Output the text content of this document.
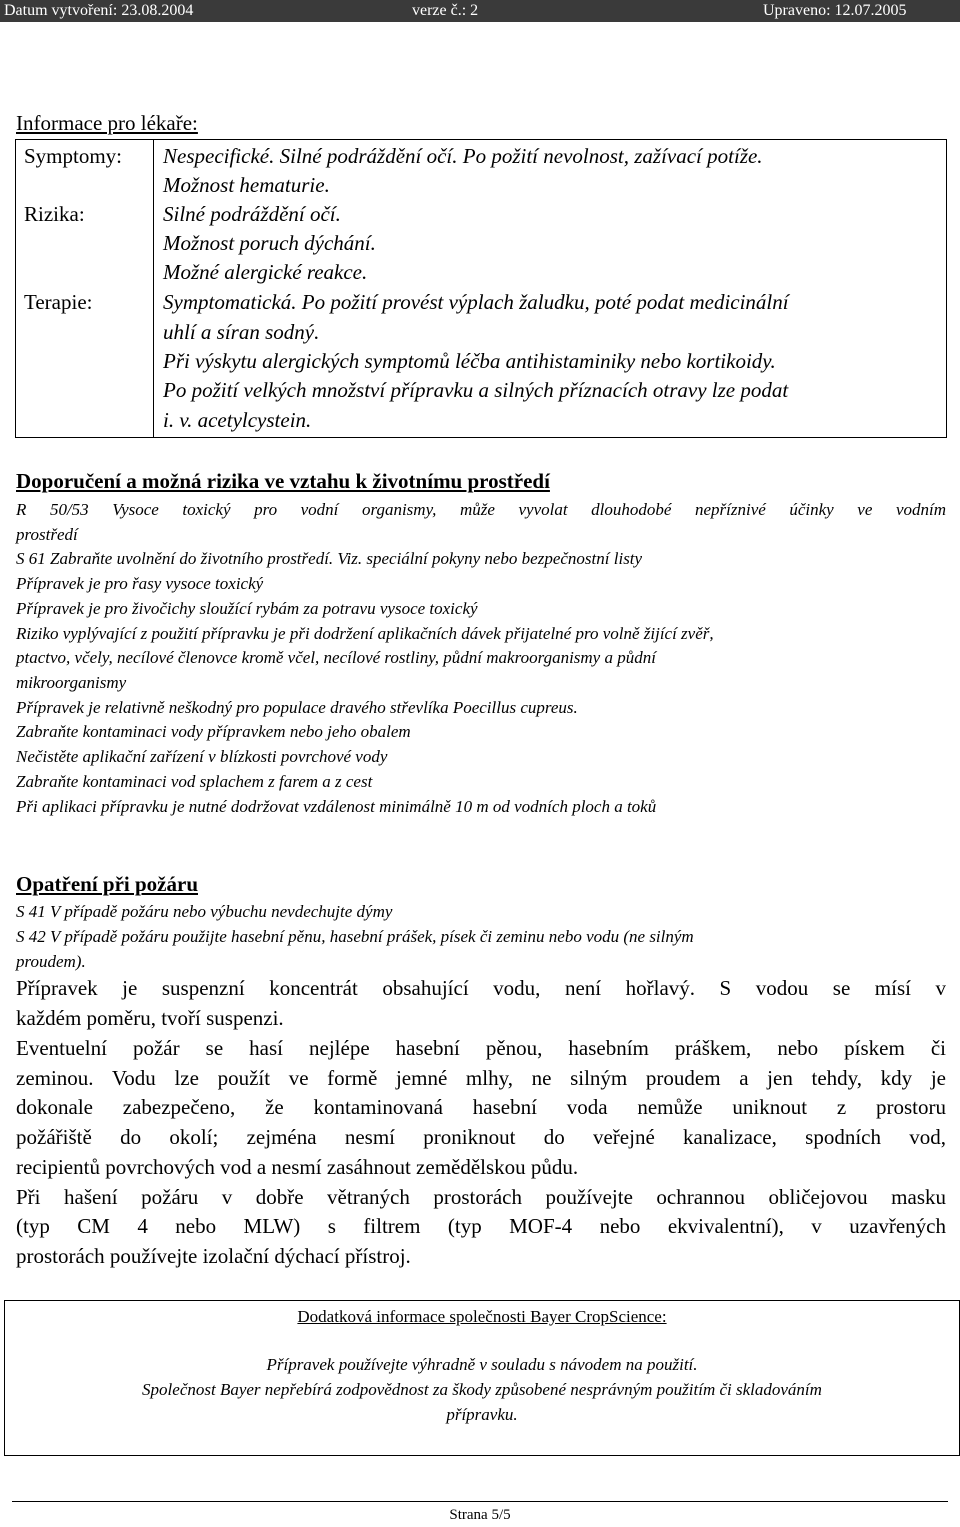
Datum vytvoření: 23.08.2004	verze č.: 2	Upraveno: 12.07.2005
Informace pro lékaře:
Symptomy: Nespecifické. Silné podráždění očí. Po požití nevolnost, zažívací potíže.
Možnost hematurie.
Rizika:	Silné podráždění očí.
Možnost poruch dýchání.
Možné alergické reakce.
Terapie:	Symptomatická. Po požití provést výplach žaludku, poté podat medicinální
uhlí a síran sodný.
Při výskytu alergických symptomů léčba antihistaminiky nebo kortikoidy.
Po požití velkých množství přípravku a silných příznacích otravy lze podat
i. v. acetylcystein.
Doporučení a možná rizika ve vztahu k životnímu prostředí
R 50/53 Vysoce toxický pro vodní organismy, může vyvolat dlouhodobé nepříznivé účinky ve vodním
prostředí
S 61 Zabraňte uvolnění do životního prostředí. Viz. speciální pokyny nebo bezpečnostní listy
Přípravek je pro řasy vysoce toxický
Přípravek je pro živočichy sloužící rybám za potravu vysoce toxický
Riziko vyplývající z použití přípravku je při dodržení aplikačních dávek přijatelné pro volně žijící zvěř,
ptactvo, včely, necílové členovce kromě včel, necílové rostliny, půdní makroorganismy a půdní
mikroorganismy
Přípravek je relativně neškodný pro populace dravého střevlíka Poecillus cupreus.
Zabraňte kontaminaci vody přípravkem nebo jeho obalem
Nečistěte aplikační zařízení v blízkosti povrchové vody
Zabraňte kontaminaci vod splachem z farem a z cest
Při aplikaci přípravku je nutné dodržovat vzdálenost minimálně 10 m od vodních ploch a toků
Opatření při požáru
S 41 V případě požáru nebo výbuchu nevdechujte dýmy
S 42 V případě požáru použijte hasební pěnu, hasební prášek, písek či zeminu nebo vodu (ne silným
proudem).
Přípravek je suspenzní koncentrát obsahující vodu, není hořlavý. S vodou se mísí v
každém poměru, tvoří suspenzi.
Eventuelní požár se hasí nejlépe hasební pěnou, hasebním práškem, nebo pískem či
zeminou. Vodu lze použít ve formě jemné mlhy, ne silným proudem a jen tehdy, kdy je
dokonale zabezpečeno, že kontaminovaná hasební voda nemůže uniknout z prostoru
požářiště do okolí; zejména nesmí proniknout do veřejné kanalizace, spodních vod,
recipientů povrchových vod a nesmí zasáhnout zemědělskou půdu.
Při hašení požáru v dobře větraných prostorách používejte ochrannou obličejovou masku
(typ CM 4 nebo MLW) s filtrem (typ MOF-4 nebo ekvivalentní), v uzavřených
prostorách používejte izolační dýchací přístroj.
Dodatková informace společnosti Bayer CropScience:
Přípravek používejte výhradně v souladu s návodem na použití.
Společnost Bayer nepřebírá zodpovědnost za škody způsobené nesprávným použitím či skladováním
přípravku.
Strana 5/5
